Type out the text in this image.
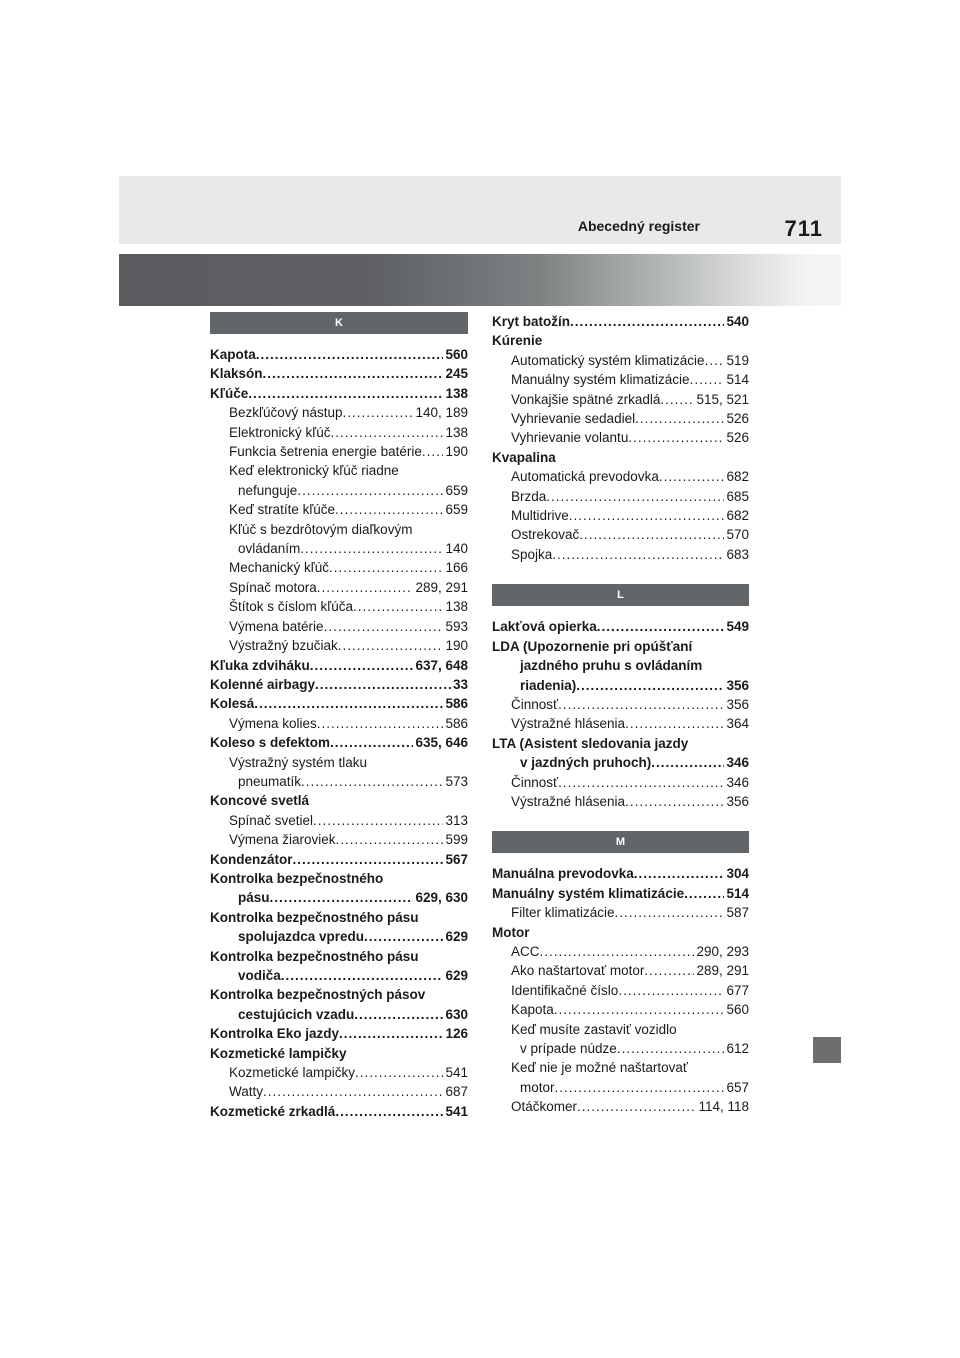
Abecedný register	711
K
Kapota .....	560
Klaksón .....	245
Kľúče .....	138
Bezkľúčový nástup .....	140, 189
Elektronický kľúč .....	138
Funkcia šetrenia energie batérie ..... 190
Keď elektronický kľúč riadne
nefunguje .....	659
Keď stratíte kľúče .....	659
Kľúč s bezdrôtovým diaľkovým
ovládaním .....	140
Mechanický kľúč .....	166
Spínač motora .....	289, 291
Štítok s číslom kľúča .....	138
Výmena batérie .....	593
Výstražný bzučiak .....	190
Kľuka zdviháku .....	637, 648
Kolenné airbagy .....	33
Kolesá .....	586
Výmena kolies .....	586
Koleso s defektom .....	635, 646
Výstražný systém tlaku
pneumatík .....	573
Koncové svetlá
Spínač svetiel .....	313
Výmena žiaroviek .....	599
Kondenzátor .....	567
Kontrolka bezpečnostného
pásu .....	629, 630
Kontrolka bezpečnostného pásu
spolujazdca vpredu .....	629
Kontrolka bezpečnostného pásu
vodiča .....	629
Kontrolka bezpečnostných pásov
cestujúcich vzadu .....	630
Kontrolka Eko jazdy .....	126
Kozmetické lampičky
Kozmetické lampičky .....	541
Watty .....	687
Kozmetické zrkadlá .....	541
Kryt batožín .....	540
Kúrenie
Automatický systém klimatizácie ..... 519
Manuálny systém klimatizácie .....	514
Vonkajšie spätné zrkadlá .....	515, 521
Vyhrievanie sedadiel .....	526
Vyhrievanie volantu .....	526
Kvapalina
Automatická prevodovka .....	682
Brzda .....	685
Multidrive .....	682
Ostrekovač .....	570
Spojka .....	683
L
Lakťová opierka .....	549
LDA (Upozornenie pri opúšťaní
jazdného pruhu s ovládaním
riadenia) .....	356
Činnosť .....	356
Výstražné hlásenia .....	364
LTA (Asistent sledovania jazdy
v jazdných pruhoch) .....	346
Činnosť .....	346
Výstražné hlásenia .....	356
M
Manuálna prevodovka .....	304
Manuálny systém klimatizácie .....	514
Filter klimatizácie .....	587
Motor
ACC .....	290, 293
Ako naštartovať motor .....	289, 291
Identifikačné číslo .....	677
Kapota .....	560
Keď musíte zastaviť vozidlo
v prípade núdze .....	612
Keď nie je možné naštartovať
motor .....	657
Otáčkomer .....	114, 118
